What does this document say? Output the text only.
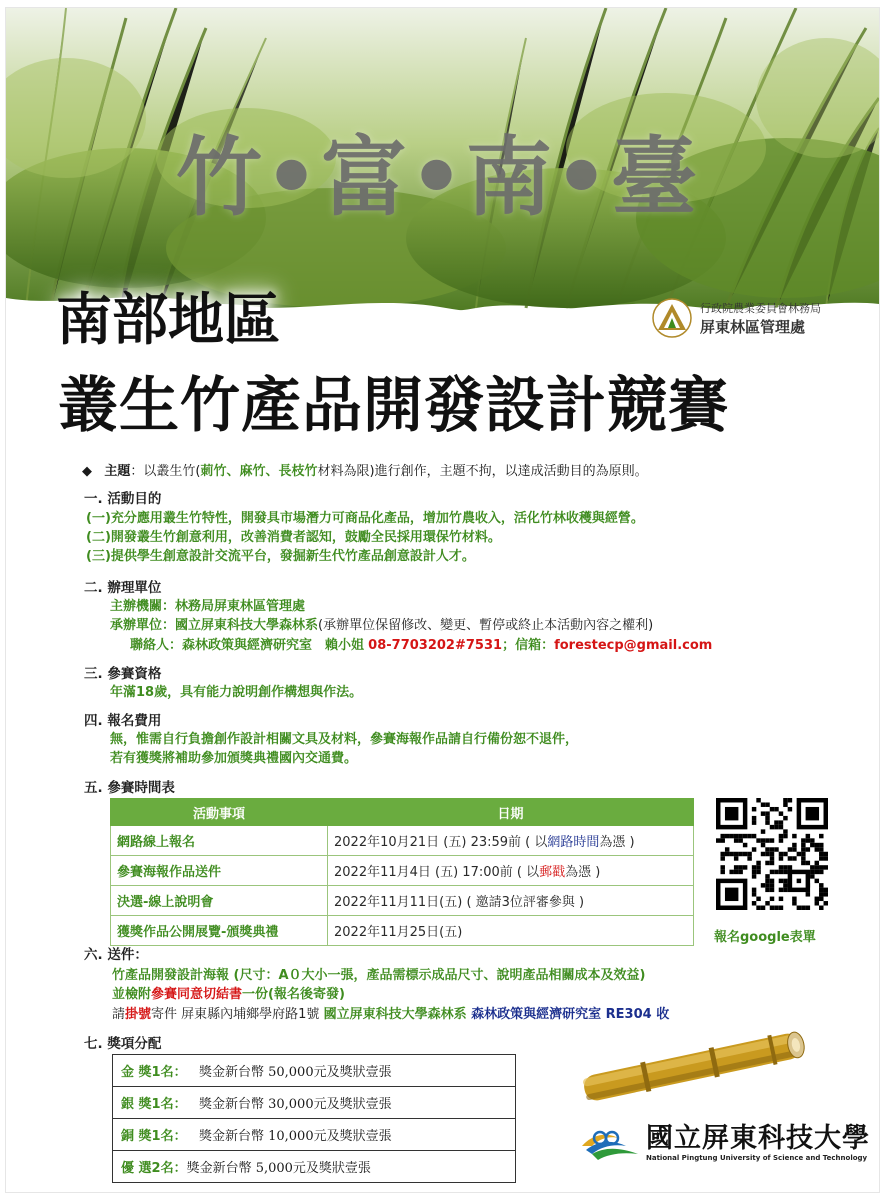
竹•富•南•臺
南部地區	行政院農業委員會林務局
屏東林區管理處
叢生竹產品開發設計競賽
◆ 主題：以叢生竹(莿竹、麻竹、長枝竹材料為限)進行創作，主題不拘，以達成活動目的為原則。
一. 活動目的
(一)充分應用叢生竹特性，開發具市場潛力可商品化產品，增加竹農收入，活化竹林收穫與經營。
(二)開發叢生竹創意利用，改善消費者認知，鼓勵全民採用環保竹材料。
(三)提供學生創意設計交流平台，發掘新生代竹產品創意設計人才。
二. 辦理單位
主辦機關：林務局屏東林區管理處
承辦單位：國立屏東科技大學森林系(承辦單位保留修改、變更、暫停或終止本活動內容之權利)
聯絡人：森林政策與經濟研究室　賴小姐 08-7703202#7531；信箱：forestecp@gmail.com
三. 參賽資格
年滿18歲，具有能力說明創作構想與作法。
四. 報名費用
無，惟需自行負擔創作設計相關文具及材料，參賽海報作品請自行備份恕不退件，
若有獲獎將補助參加頒獎典禮國內交通費。
五. 參賽時間表
活動事項	日期
網路線上報名	2022年10月21日 (五) 23:59前 ( 以網路時間為憑 )
參賽海報作品送件	2022年11月4日 (五) 17:00前 ( 以郵戳為憑 )
決選-線上說明會	2022年11月11日(五) ( 邀請3位評審參與 )
獲獎作品公開展覽-頒獎典禮	2022年11月25日(五)	報名google表單
六. 送件：
竹產品開發設計海報 (尺寸：A０大小一張，產品需標示成品尺寸、說明產品相關成本及效益)
並檢附參賽同意切結書一份(報名後寄發)
請掛號寄件 屏東縣內埔鄉學府路1號 國立屏東科技大學森林系 森林政策與經濟研究室 RE304 收
七. 獎項分配
金 獎1名： 獎金新台幣 50,000元及獎狀壹張
銀 獎1名： 獎金新台幣 30,000元及獎狀壹張
銅 獎1名： 獎金新台幣 10,000元及獎狀壹張
優 選2名：獎金新台幣 5,000元及獎狀壹張
國立屏東科技大學
National Pingtung University of Science and Technology
